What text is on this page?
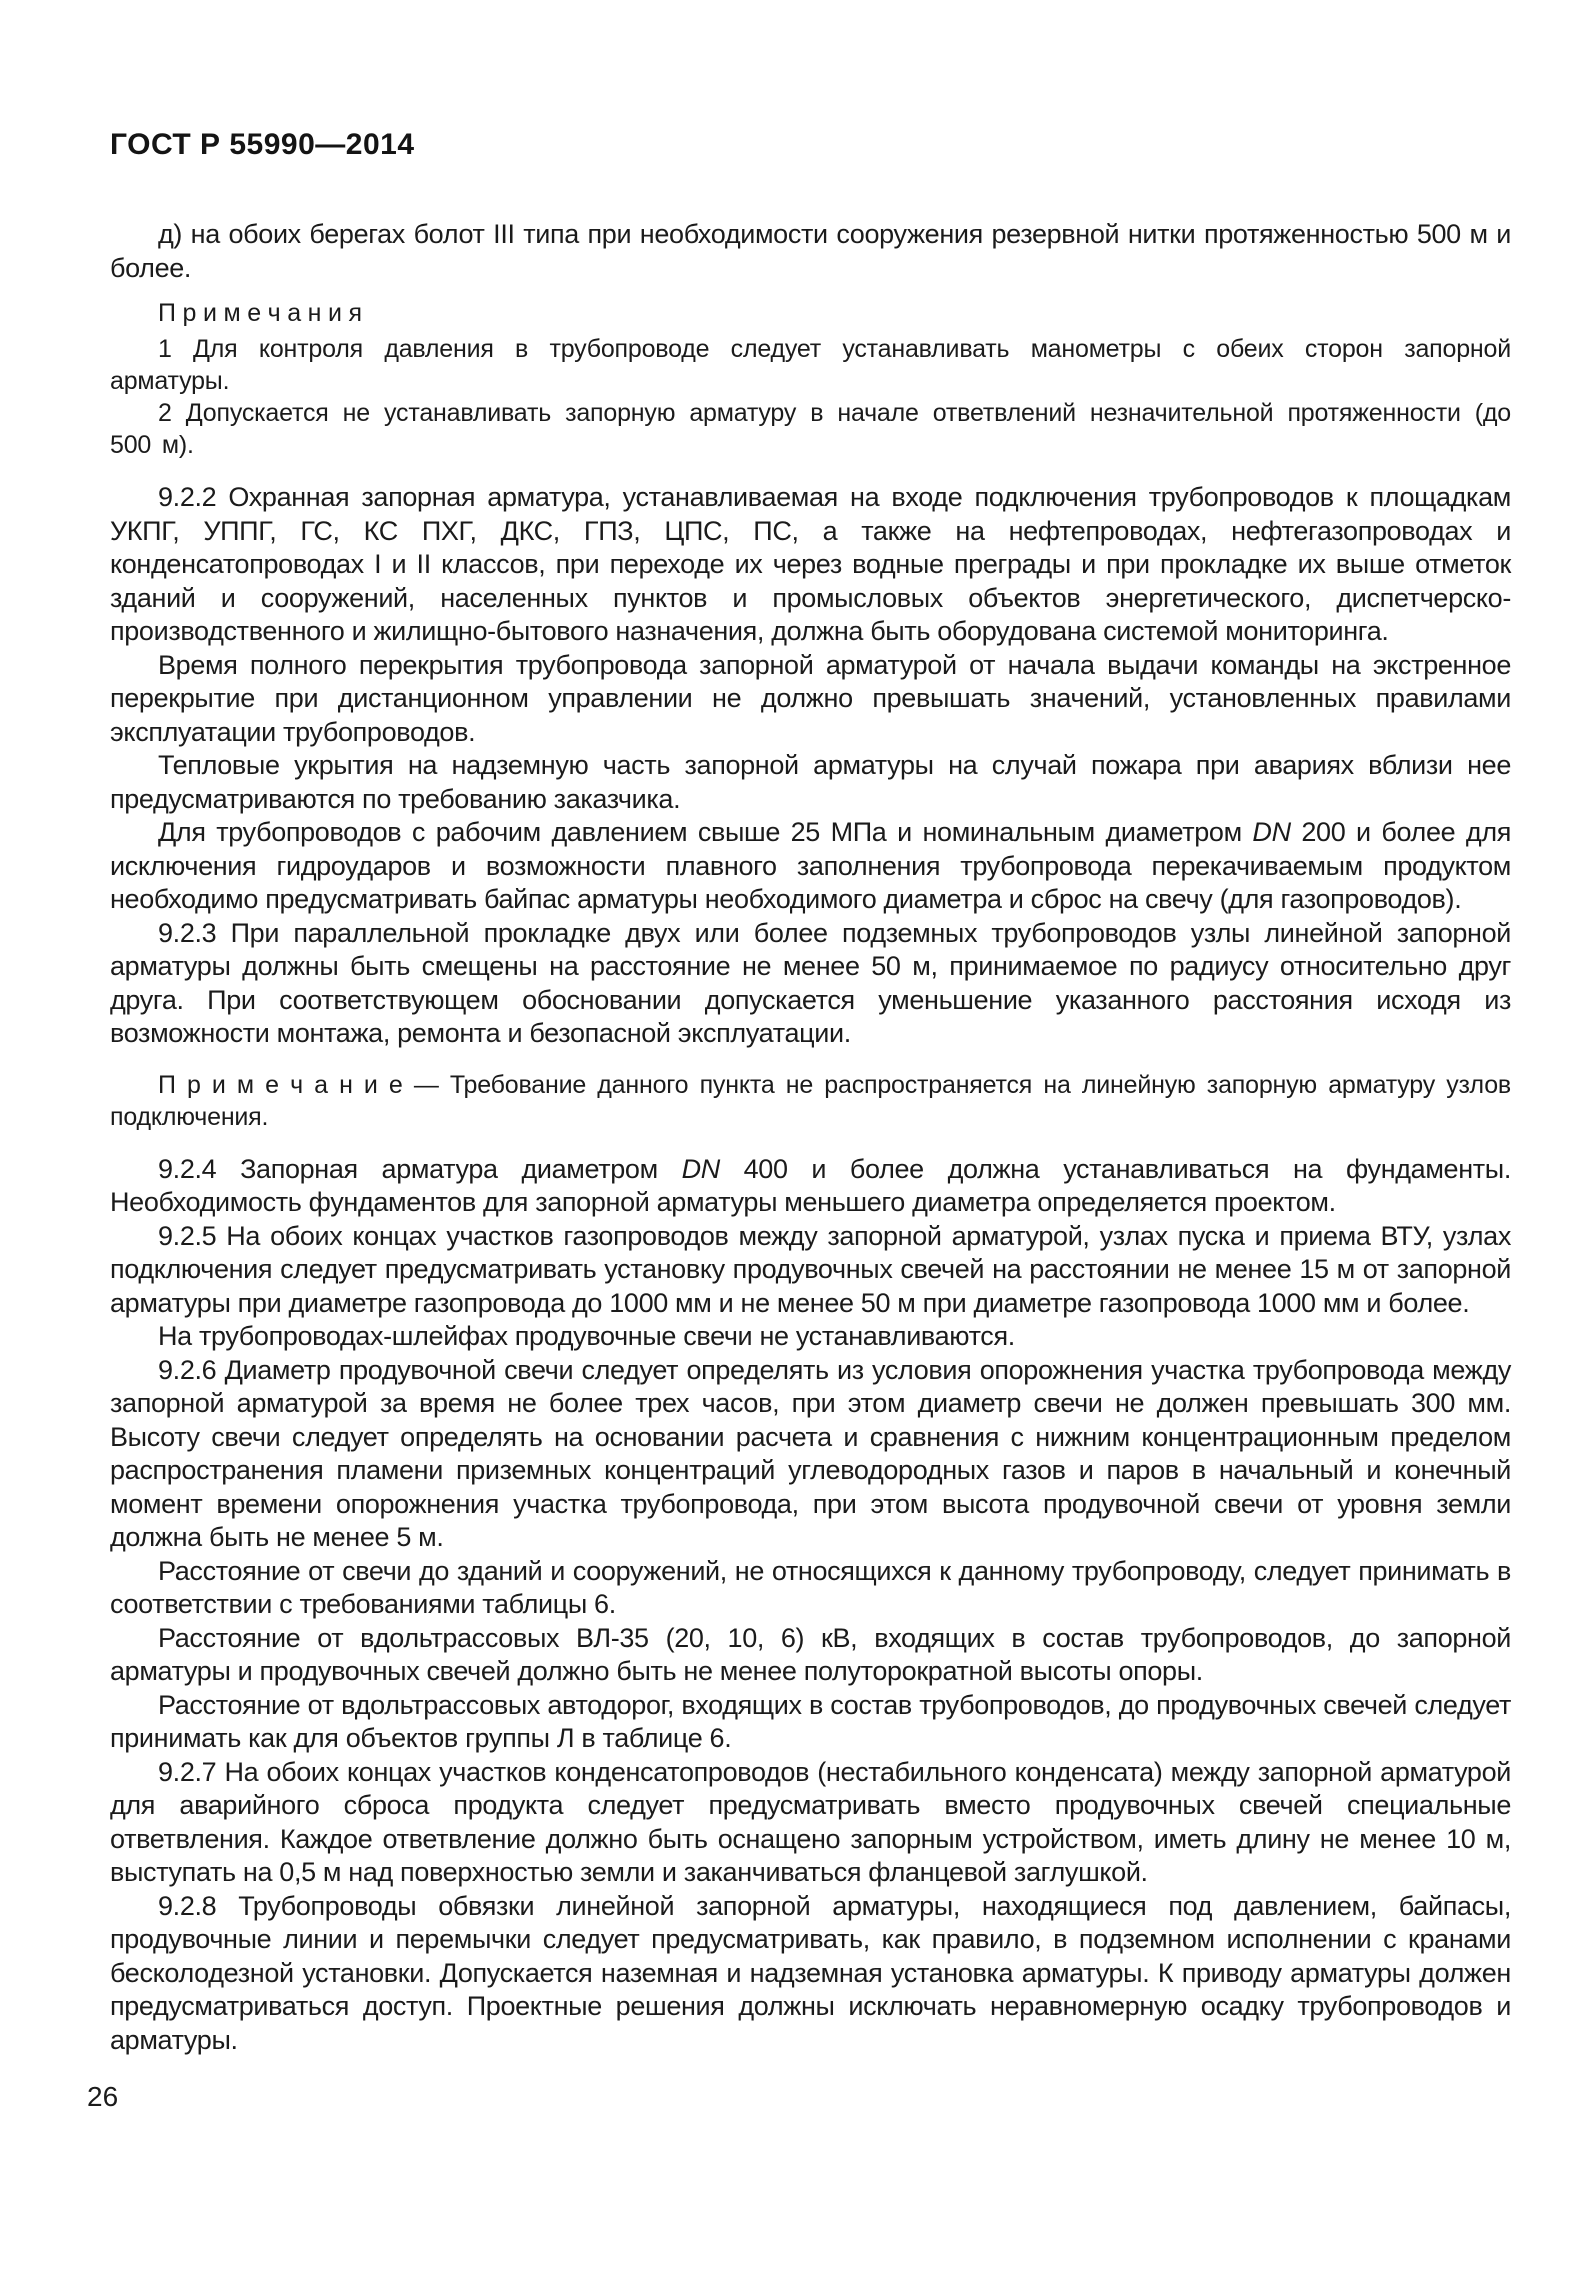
ГОСТ Р 55990—2014

д) на обоих берегах болот III типа при необходимости сооружения резервной нитки протяженностью 500 м и более.

П р и м е ч а н и я

1 Для контроля давления в трубопроводе следует устанавливать манометры с обеих сторон запорной арматуры.

2 Допускается не устанавливать запорную арматуру в начале ответвлений незначительной протяженности (до 500 м).

9.2.2 Охранная запорная арматура, устанавливаемая на входе подключения трубопроводов к площадкам УКПГ, УППГ, ГС, КС ПХГ, ДКС, ГПЗ, ЦПС, ПС, а также на нефтепроводах, нефтегазопроводах и конденсатопроводах I и II классов, при переходе их через водные преграды и при прокладке их выше отметок зданий и сооружений, населенных пунктов и промысловых объектов энергетического, диспетчерско-производственного и жилищно-бытового назначения, должна быть оборудована системой мониторинга.

Время полного перекрытия трубопровода запорной арматурой от начала выдачи команды на экстренное перекрытие при дистанционном управлении не должно превышать значений, установленных правилами эксплуатации трубопроводов.

Тепловые укрытия на надземную часть запорной арматуры на случай пожара при авариях вблизи нее предусматриваются по требованию заказчика.

Для трубопроводов с рабочим давлением свыше 25 МПа и номинальным диаметром DN 200 и более для исключения гидроударов и возможности плавного заполнения трубопровода перекачиваемым продуктом необходимо предусматривать байпас арматуры необходимого диаметра и сброс на свечу (для газопроводов).

9.2.3 При параллельной прокладке двух или более подземных трубопроводов узлы линейной запорной арматуры должны быть смещены на расстояние не менее 50 м, принимаемое по радиусу относительно друг друга. При соответствующем обосновании допускается уменьшение указанного расстояния исходя из возможности монтажа, ремонта и безопасной эксплуатации.

П р и м е ч а н и е — Требование данного пункта не распространяется на линейную запорную арматуру узлов подключения.

9.2.4 Запорная арматура диаметром DN 400 и более должна устанавливаться на фундаменты. Необходимость фундаментов для запорной арматуры меньшего диаметра определяется проектом.

9.2.5 На обоих концах участков газопроводов между запорной арматурой, узлах пуска и приема ВТУ, узлах подключения следует предусматривать установку продувочных свечей на расстоянии не менее 15 м от запорной арматуры при диаметре газопровода до 1000 мм и не менее 50 м при диаметре газопровода 1000 мм и более.

На трубопроводах-шлейфах продувочные свечи не устанавливаются.

9.2.6 Диаметр продувочной свечи следует определять из условия опорожнения участка трубопровода между запорной арматурой за время не более трех часов, при этом диаметр свечи не должен превышать 300 мм. Высоту свечи следует определять на основании расчета и сравнения с нижним концентрационным пределом распространения пламени приземных концентраций углеводородных газов и паров в начальный и конечный момент времени опорожнения участка трубопровода, при этом высота продувочной свечи от уровня земли должна быть не менее 5 м.

Расстояние от свечи до зданий и сооружений, не относящихся к данному трубопроводу, следует принимать в соответствии с требованиями таблицы 6.

Расстояние от вдольтрассовых ВЛ-35 (20, 10, 6) кВ, входящих в состав трубопроводов, до запорной арматуры и продувочных свечей должно быть не менее полуторократной высоты опоры.

Расстояние от вдольтрассовых автодорог, входящих в состав трубопроводов, до продувочных свечей следует принимать как для объектов группы Л в таблице 6.

9.2.7 На обоих концах участков конденсатопроводов (нестабильного конденсата) между запорной арматурой для аварийного сброса продукта следует предусматривать вместо продувочных свечей специальные ответвления. Каждое ответвление должно быть оснащено запорным устройством, иметь длину не менее 10 м, выступать на 0,5 м над поверхностью земли и заканчиваться фланцевой заглушкой.

9.2.8 Трубопроводы обвязки линейной запорной арматуры, находящиеся под давлением, байпасы, продувочные линии и перемычки следует предусматривать, как правило, в подземном исполнении с кранами бесколодезной установки. Допускается наземная и надземная установка арматуры. К приводу арматуры должен предусматриваться доступ. Проектные решения должны исключать неравномерную осадку трубопроводов и арматуры.

26
